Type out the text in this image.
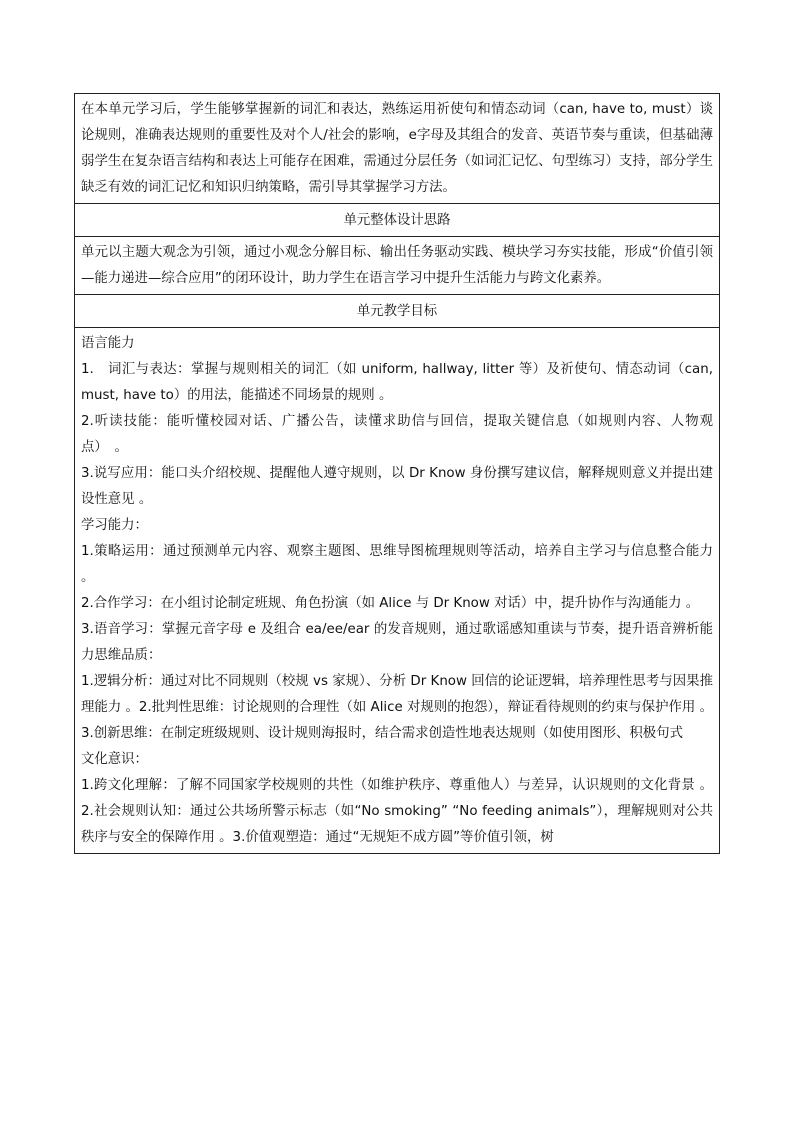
在本单元学习后，学生能够掌握新的词汇和表达，熟练运用祈使句和情态动词（can, have to, must）谈论规则，准确表达规则的重要性及对个人/社会的影响，e字母及其组合的发音、英语节奏与重读，但基础薄弱学生在复杂语言结构和表达上可能存在困难，需通过分层任务（如词汇记忆、句型练习）支持，部分学生缺乏有效的词汇记忆和知识归纳策略，需引导其掌握学习方法。

单元整体设计思路

单元以主题大观念为引领，通过小观念分解目标、输出任务驱动实践、模块学习夯实技能，形成“价值引领—能力递进—综合应用”的闭环设计，助力学生在语言学习中提升生活能力与跨文化素养。

单元教学目标

语言能力

1.　词汇与表达：掌握与规则相关的词汇（如 uniform, hallway, litter 等）及祈使句、情态动词（can, must, have to）的用法，能描述不同场景的规则 。

2.听读技能：能听懂校园对话、广播公告，读懂求助信与回信，提取关键信息（如规则内容、人物观点）　。

3.说写应用：能口头介绍校规、提醒他人遵守规则，以 Dr Know 身份撰写建议信，解释规则意义并提出建设性意见 。

学习能力：

1.策略运用：通过预测单元内容、观察主题图、思维导图梳理规则等活动，培养自主学习与信息整合能力 。

2.合作学习：在小组讨论制定班规、角色扮演（如 Alice 与 Dr Know 对话）中，提升协作与沟通能力 。

3.语音学习：掌握元音字母 e 及组合 ea/ee/ear 的发音规则，通过歌谣感知重读与节奏，提升语音辨析能力思维品质：

1.逻辑分析：通过对比不同规则（校规 vs 家规）、分析 Dr Know 回信的论证逻辑，培养理性思考与因果推理能力 。2.批判性思维：讨论规则的合理性（如 Alice 对规则的抱怨），辩证看待规则的约束与保护作用 。3.创新思维：在制定班级规则、设计规则海报时，结合需求创造性地表达规则（如使用图形、积极句式

文化意识：

1.跨文化理解：了解不同国家学校规则的共性（如维护秩序、尊重他人）与差异，认识规则的文化背景 。2.社会规则认知：通过公共场所警示标志（如“No smoking” “No feeding animals”），理解规则对公共秩序与安全的保障作用 。3.价值观塑造：通过“无规矩不成方圆”等价值引领，树
